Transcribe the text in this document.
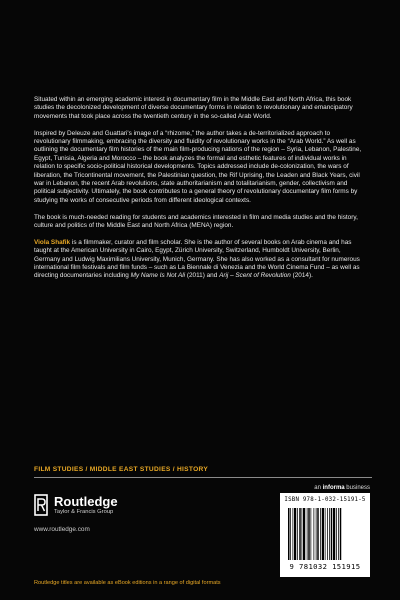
Situated within an emerging academic interest in documentary film in the Middle East and North Africa, this book studies the decolonized development of diverse documentary forms in relation to revolutionary and emancipatory movements that took place across the twentieth century in the so-called Arab World.

Inspired by Deleuze and Guattari's image of a “rhizome,” the author takes a de-territorialized approach to revolutionary filmmaking, embracing the diversity and fluidity of revolutionary works in the “Arab World.” As well as outlining the documentary film histories of the main film-producing nations of the region – Syria, Lebanon, Palestine, Egypt, Tunisia, Algeria and Morocco – the book analyzes the formal and esthetic features of individual works in relation to specific socio-political historical developments. Topics addressed include de-colonization, the wars of liberation, the Tricontinental movement, the Palestinian question, the Rif Uprising, the Leaden and Black Years, civil war in Lebanon, the recent Arab revolutions, state authoritarianism and totalitarianism, gender, collectivism and political subjectivity. Ultimately, the book contributes to a general theory of revolutionary documentary film forms by studying the works of consecutive periods from different ideological contexts.

The book is much-needed reading for students and academics interested in film and media studies and the history, culture and politics of the Middle East and North Africa (MENA) region.

Viola Shafik is a filmmaker, curator and film scholar. She is the author of several books on Arab cinema and has taught at the American University in Cairo, Egypt, Zürich University, Switzerland, Humboldt University, Berlin, Germany and Ludwig Maximilians University, Munich, Germany. She has also worked as a consultant for numerous international film festivals and film funds – such as La Biennale di Venezia and the World Cinema Fund – as well as directing documentaries including My Name Is Not Ali (2011) and Arij – Scent of Revolution (2014).

FILM STUDIES / MIDDLE EAST STUDIES / HISTORY
an informa business
Routledge
Taylor & Francis Group
www.routledge.com
ISBN 978-1-032-15191-5
9 781032 151915
Routledge titles are available as eBook editions in a range of digital formats
